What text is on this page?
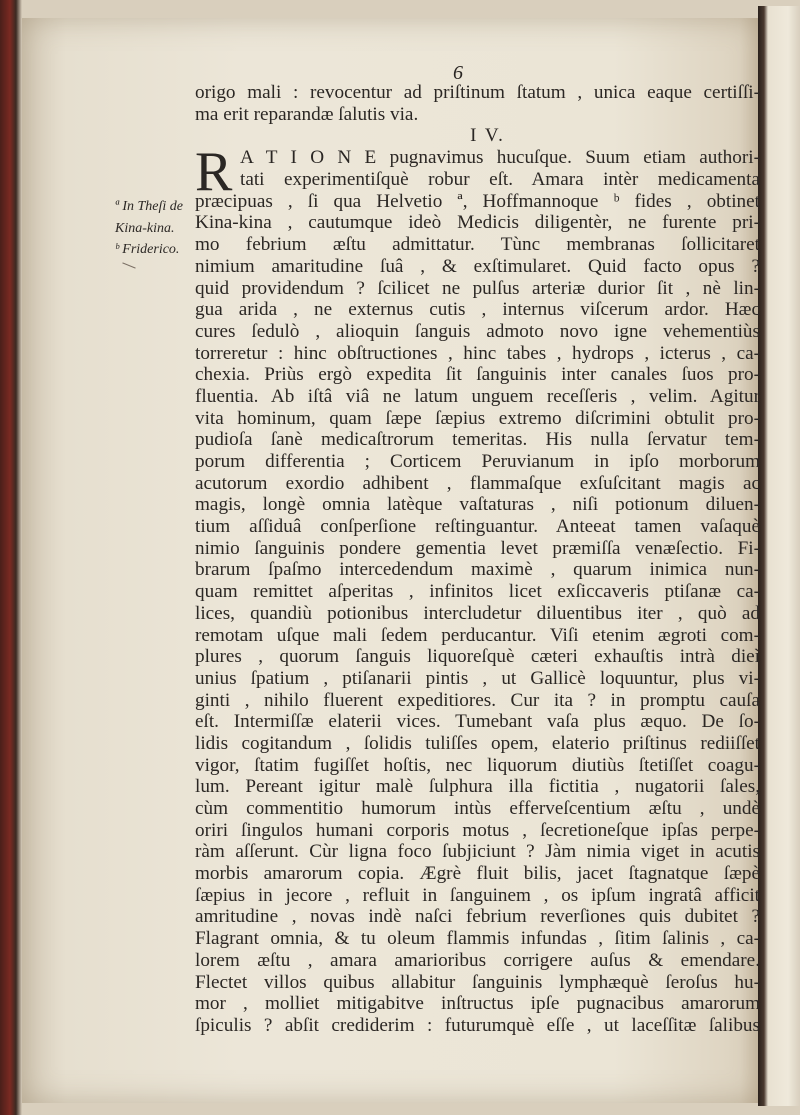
6
ª In Theſi de
Kina-kina.
ᵇ Friderico.
origo mali : revocentur ad priſtinum ſtatum , unica eaque certiſſi-
ma erit reparandæ ſalutis via.
I V.
R A T I O N E pugnavimus hucuſque. Suum etiam authori-
tati experimentiſquè robur eſt. Amara intèr medicamenta
præcipuas , ſi qua Helvetio ª, Hoffmannoque ᵇ fides , obtinet
Kina-kina , cautumque ideò Medicis diligentèr, ne furente pri-
mo febrium æſtu admittatur. Tùnc membranas ſollicitaret
nimium amaritudine ſuâ , & exſtimularet. Quid facto opus ?
quid providendum ? ſcilicet ne pulſus arteriæ durior ſit , nè lin-
gua arida , ne externus cutis , internus viſcerum ardor. Hæc
cures ſedulò , alioquin ſanguis admoto novo igne vehementiùs
torreretur : hinc obſtructiones , hinc tabes , hydrops , icterus , ca-
chexia. Priùs ergò expedita ſit ſanguinis inter canales ſuos pro-
fluentia. Ab iſtâ viâ ne latum unguem receſſeris , velim. Agitur
vita hominum, quam ſæpe ſæpius extremo diſcrimini obtulit pro-
pudioſa ſanè medicaſtrorum temeritas. His nulla ſervatur tem-
porum differentia ; Corticem Peruvianum in ipſo morborum
acutorum exordio adhibent , flammaſque exſuſcitant magis ac
magis, longè omnia latèque vaſtaturas , niſi potionum diluen-
tium aſſiduâ conſperſione reſtinguantur. Anteeat tamen vaſaquè
nimio ſanguinis pondere gementia levet præmiſſa venæſectio. Fi-
brarum ſpaſmo intercedendum maximè , quarum inimica nun-
quam remittet aſperitas , infinitos licet exſiccaveris ptiſanæ ca-
lices, quandiù potionibus intercludetur diluentibus iter , quò ad
remotam uſque mali ſedem perducantur. Viſi etenim ægroti com-
plures , quorum ſanguis liquoreſquè cæteri exhauſtis intrà dieì
unius ſpatium , ptiſanarii pintis , ut Gallicè loquuntur, plus vi-
ginti , nihilo fluerent expeditiores. Cur ita ? in promptu cauſa
eſt. Intermiſſæ elaterii vices. Tumebant vaſa plus æquo. De ſo-
lidis cogitandum , ſolidis tuliſſes opem, elaterio priſtinus rediiſſet
vigor, ſtatim fugiſſet hoſtis, nec liquorum diutiùs ſtetiſſet coagu-
lum. Pereant igitur malè ſulphura illa fictitia , nugatorii ſales,
cùm commentitio humorum intùs efferveſcentium æſtu , undè
oriri ſingulos humani corporis motus , ſecretioneſque ipſas perpe-
ràm aſſerunt. Cùr ligna foco ſubjiciunt ? Jàm nimia viget in acutis
morbis amarorum copia. Ægrè fluit bilis, jacet ſtagnatque ſæpè
ſæpius in jecore , refluit in ſanguinem , os ipſum ingratâ afficit
amritudine , novas indè naſci febrium reverſiones quis dubitet ?
Flagrant omnia, & tu oleum flammis infundas , ſitim ſalinis , ca-
lorem æſtu , amara amarioribus corrigere auſus & emendare.
Flectet villos quibus allabitur ſanguinis lymphæquè ſeroſus hu-
mor , molliet mitigabitve inſtructus ipſe pugnacibus amarorum
ſpiculis ? abſit crediderim : futurumquè eſſe , ut laceſſitæ ſalibus
